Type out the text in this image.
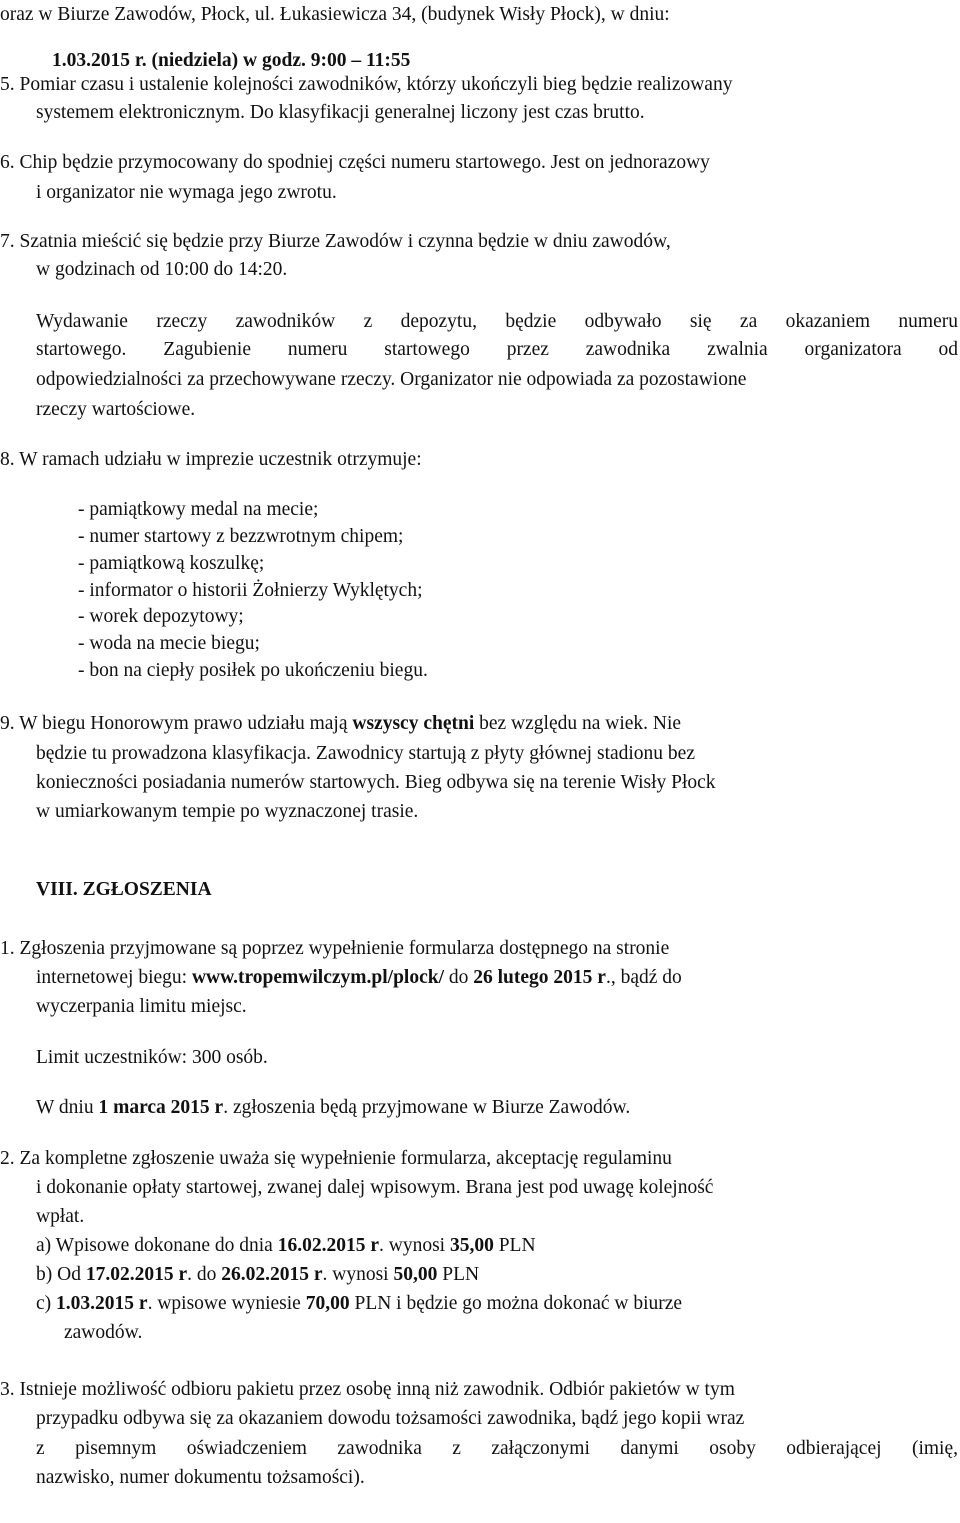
oraz w Biurze Zawodów, Płock, ul. Łukasiewicza 34, (budynek Wisły Płock), w dniu:
1.03.2015 r. (niedziela) w godz. 9:00 – 11:55
5. Pomiar czasu i ustalenie kolejności zawodników, którzy ukończyli bieg będzie realizowany
systemem elektronicznym. Do klasyfikacji generalnej liczony jest czas brutto.
6. Chip będzie przymocowany do spodniej części numeru startowego. Jest on jednorazowy
i organizator nie wymaga jego zwrotu.
7. Szatnia mieścić się będzie przy Biurze Zawodów i czynna będzie w dniu zawodów,
w godzinach od 10:00 do 14:20.
Wydawanie rzeczy zawodników z depozytu, będzie odbywało się za okazaniem numeru
startowego. Zagubienie numeru startowego przez zawodnika zwalnia organizatora od
odpowiedzialności za przechowywane rzeczy. Organizator nie odpowiada za pozostawione
rzeczy wartościowe.
8. W ramach udziału w imprezie uczestnik otrzymuje:
- pamiątkowy medal na mecie;
- numer startowy z bezzwrotnym chipem;
- pamiątkową koszulkę;
- informator o historii Żołnierzy Wyklętych;
- worek depozytowy;
- woda na mecie biegu;
- bon na ciepły posiłek po ukończeniu biegu.
9. W biegu Honorowym prawo udziału mają wszyscy chętni bez względu na wiek. Nie
będzie tu prowadzona klasyfikacja. Zawodnicy startują z płyty głównej stadionu bez
konieczności posiadania numerów startowych. Bieg odbywa się na terenie Wisły Płock
w umiarkowanym tempie po wyznaczonej trasie.
VIII. ZGŁOSZENIA
1. Zgłoszenia przyjmowane są poprzez wypełnienie formularza dostępnego na stronie
internetowej biegu: www.tropemwilczym.pl/plock/ do 26 lutego 2015 r., bądź do
wyczerpania limitu miejsc.
Limit uczestników: 300 osób.
W dniu 1 marca 2015 r. zgłoszenia będą przyjmowane w Biurze Zawodów.
2. Za kompletne zgłoszenie uważa się wypełnienie formularza, akceptację regulaminu
i dokonanie opłaty startowej, zwanej dalej wpisowym. Brana jest pod uwagę kolejność
wpłat.
a) Wpisowe dokonane do dnia 16.02.2015 r. wynosi 35,00 PLN
b) Od 17.02.2015 r. do 26.02.2015 r. wynosi 50,00 PLN
c) 1.03.2015 r. wpisowe wyniesie 70,00 PLN i będzie go można dokonać w biurze
zawodów.
3. Istnieje możliwość odbioru pakietu przez osobę inną niż zawodnik. Odbiór pakietów w tym
przypadku odbywa się za okazaniem dowodu tożsamości zawodnika, bądź jego kopii wraz
z pisemnym oświadczeniem zawodnika z załączonymi danymi osoby odbierającej (imię,
nazwisko, numer dokumentu tożsamości).
